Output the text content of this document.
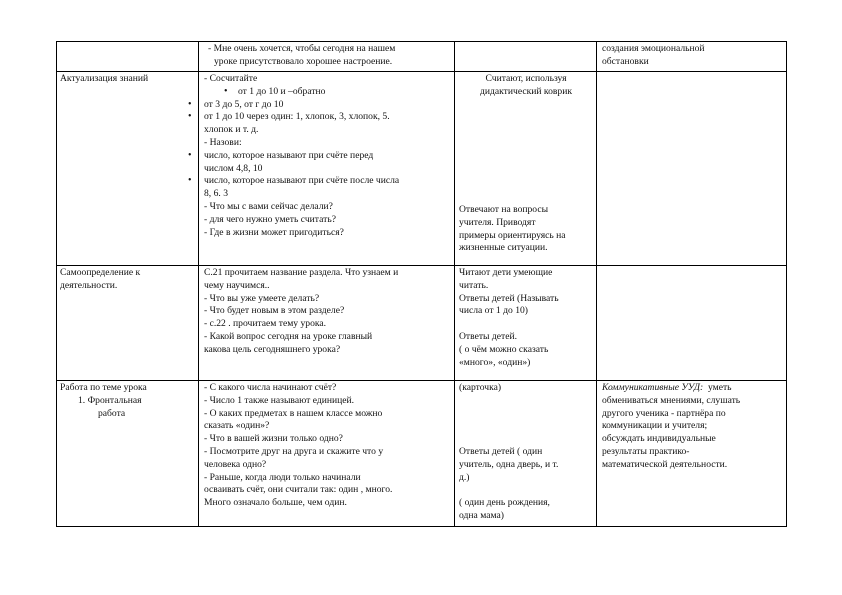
- Мне очень хочется, чтобы сегодня на нашем
уроке присутствовало хорошее настроение.
создания эмоциональной
обстановки
Актуализация знаний	- Сосчитайте
• от 1 до 10 и –обратно
• от 3 до 5, от г до 10
• от 1 до 10 через один: 1, хлопок, 3, хлопок, 5.
хлопок и т. д.
- Назови:
• число, которое называют при счёте перед
числом 4,8, 10
• число, которое называют при счёте после числа
8, 6. 3
- Что мы с вами сейчас делали?
- для чего нужно уметь считать?
- Где в жизни может пригодиться?
Считают, используя
дидактический коврик
Отвечают на вопросы
учителя. Приводят
примеры ориентируясь на
жизненные ситуации.
Самоопределение к
деятельности.
С.21 прочитаем название раздела. Что узнаем и
чему научимся..
- Что вы уже умеете делать?
- Что будет новым в этом разделе?
- с.22 . прочитаем тему урока.
- Какой вопрос сегодня на уроке главный
какова цель сегодняшнего урока?
Читают дети умеющие
читать.
Ответы детей (Называть
числа от 1 до 10)

Ответы детей.
( о чём можно сказать
«много», «один»)
Работа по теме урока
1. Фронтальная
работа
- С какого числа начинают счёт?
- Число 1 также называют единицей.
- О каких предметах в нашем классе можно
сказать «один»?
- Что в вашей жизни только одно?
- Посмотрите друг на друга и скажите что у
человека одно?
- Раньше, когда люди только начинали
осваивать счёт, они считали так: один , много.
Много означало больше, чем один.
(карточка)
Ответы детей ( один
учитель, одна дверь, и т.
д.)

( один день рождения,
одна мама)
Коммуникативные УУД:  уметь
обмениваться мнениями, слушать
другого ученика - партнёра по
коммуникации и учителя;
обсуждать индивидуальные
результаты практико-
математической деятельности.
